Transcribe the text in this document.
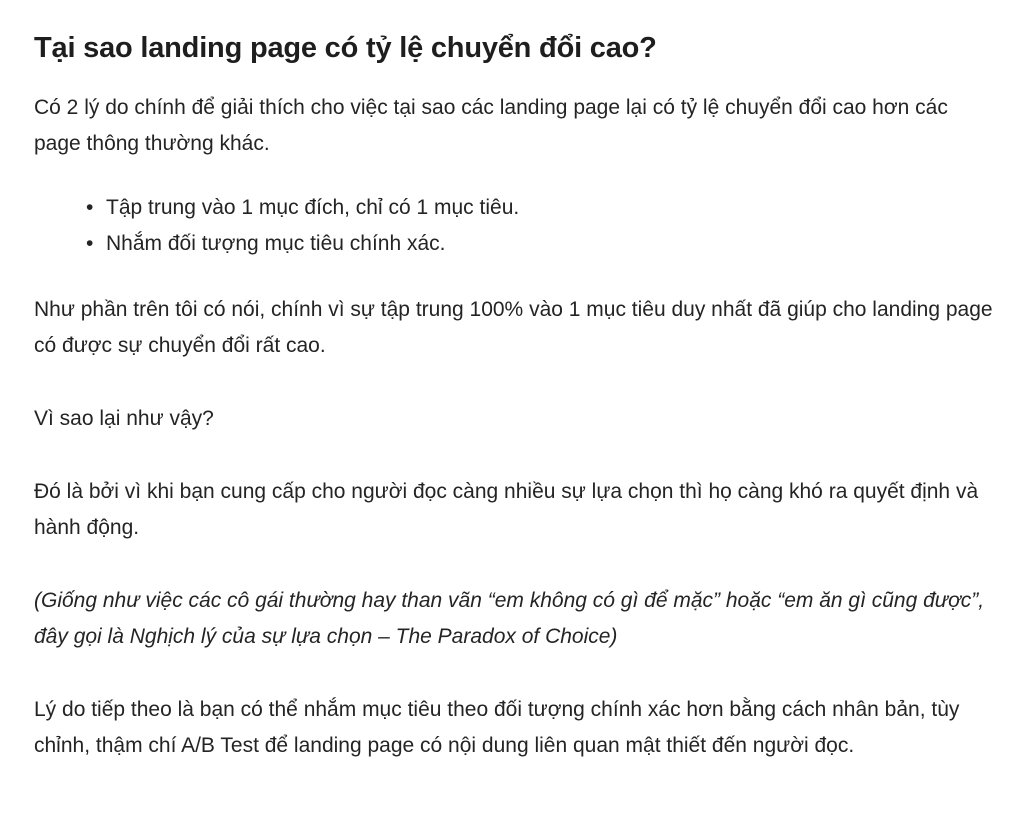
Tại sao landing page có tỷ lệ chuyển đổi cao?

Có 2 lý do chính để giải thích cho việc tại sao các landing page lại có tỷ lệ chuyển đổi cao hơn các page thông thường khác.

• Tập trung vào 1 mục đích, chỉ có 1 mục tiêu.
• Nhắm đối tượng mục tiêu chính xác.

Như phần trên tôi có nói, chính vì sự tập trung 100% vào 1 mục tiêu duy nhất đã giúp cho landing page có được sự chuyển đổi rất cao.

Vì sao lại như vậy?

Đó là bởi vì khi bạn cung cấp cho người đọc càng nhiều sự lựa chọn thì họ càng khó ra quyết định và hành động.

(Giống như việc các cô gái thường hay than vãn “em không có gì để mặc” hoặc “em ăn gì cũng được”, đây gọi là Nghịch lý của sự lựa chọn – The Paradox of Choice)

Lý do tiếp theo là bạn có thể nhắm mục tiêu theo đối tượng chính xác hơn bằng cách nhân bản, tùy chỉnh, thậm chí A/B Test để landing page có nội dung liên quan mật thiết đến người đọc.
